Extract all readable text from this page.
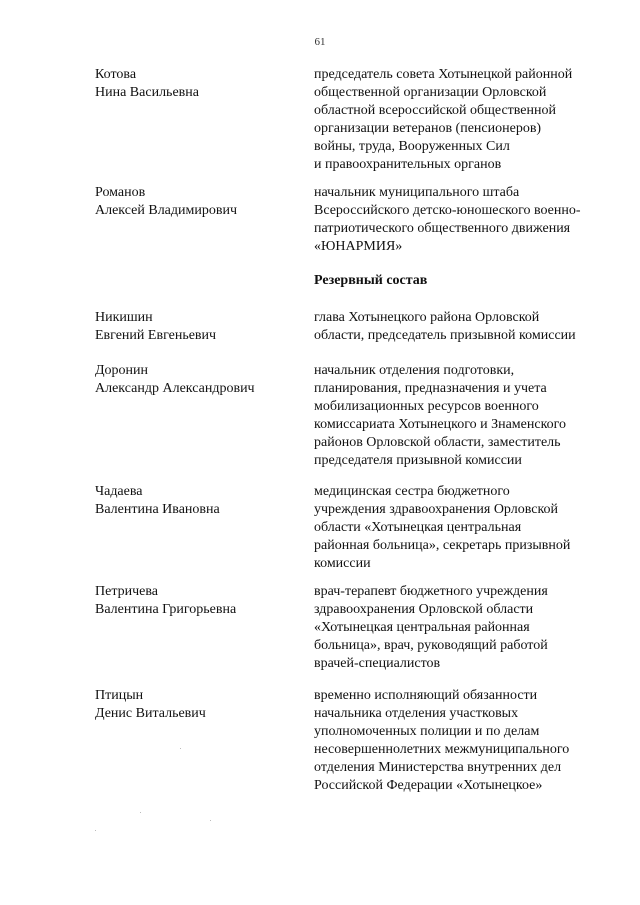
61
Котова
Нина Васильевна
председатель совета Хотынецкой районной
общественной организации Орловской
областной всероссийской общественной
организации ветеранов (пенсионеров)
войны, труда, Вооруженных Сил
и правоохранительных органов
Романов
Алексей Владимирович
начальник муниципального штаба
Всероссийского детско-юношеского военно-
патриотического общественного движения
«ЮНАРМИЯ»
Резервный состав
Никишин
Евгений Евгеньевич
глава Хотынецкого района Орловской
области, председатель призывной комиссии
Доронин
Александр Александрович
начальник отделения подготовки,
планирования, предназначения и учета
мобилизационных ресурсов военного
комиссариата Хотынецкого и Знаменского
районов Орловской области, заместитель
председателя призывной комиссии
Чадаева
Валентина Ивановна
медицинская сестра бюджетного
учреждения здравоохранения Орловской
области «Хотынецкая центральная
районная больница», секретарь призывной
комиссии
Петричева
Валентина Григорьевна
врач-терапевт бюджетного учреждения
здравоохранения Орловской области
«Хотынецкая центральная районная
больница», врач, руководящий работой
врачей-специалистов
Птицын
Денис Витальевич
временно исполняющий обязанности
начальника отделения участковых
уполномоченных полиции и по делам
несовершеннолетних межмуниципального
отделения Министерства внутренних дел
Российской Федерации «Хотынецкое»
